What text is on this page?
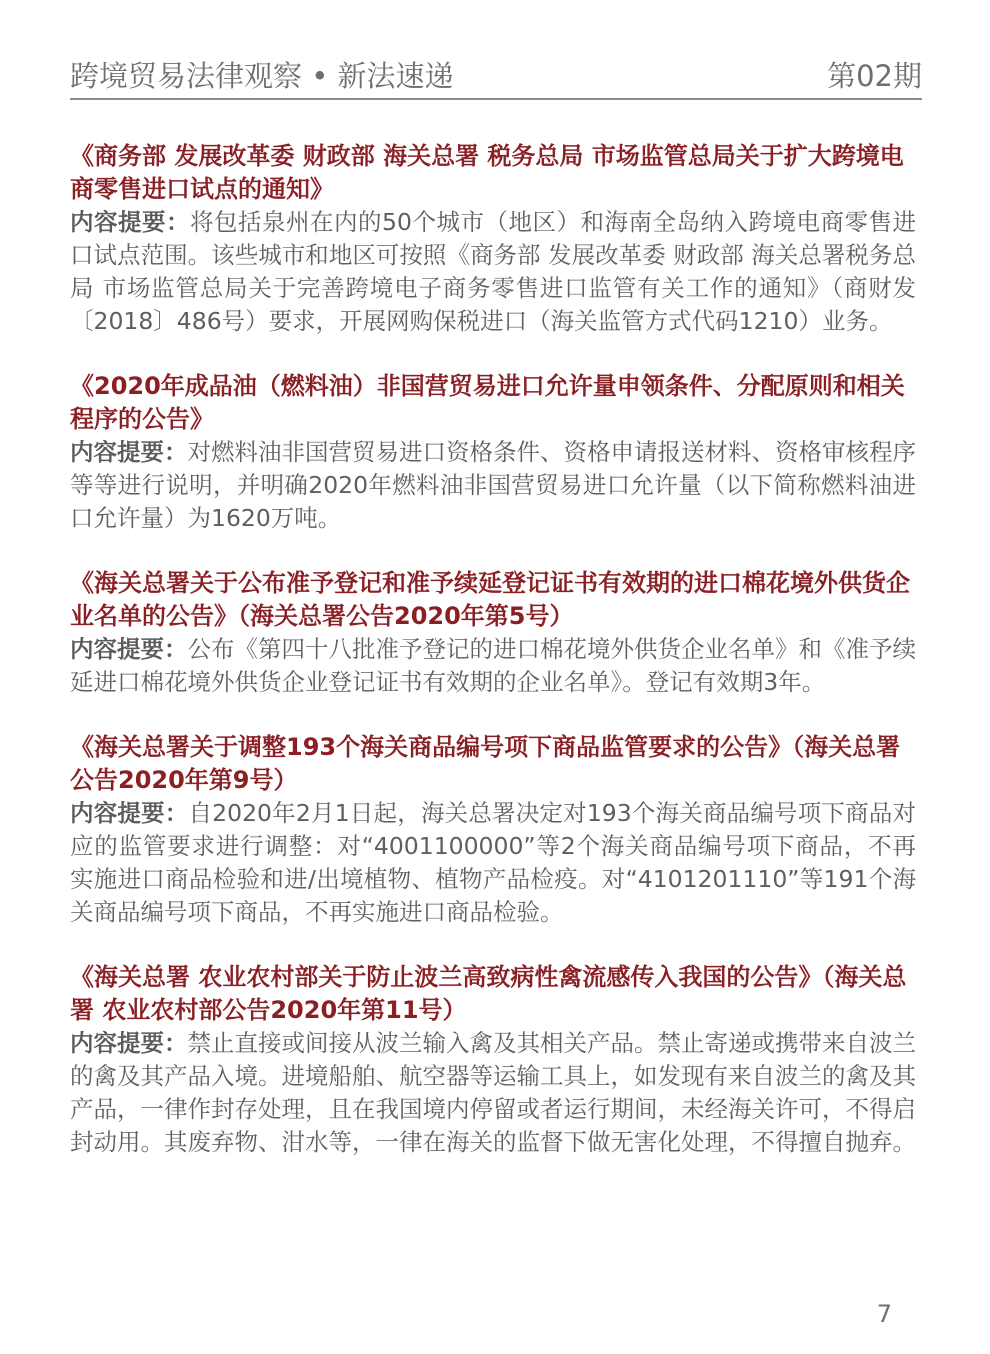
跨境贸易法律观察 • 新法速递	第02期

《商务部 发展改革委 财政部 海关总署 税务总局 市场监管总局关于扩大跨境电商零售进口试点的通知》

内容提要：将包括泉州在内的50个城市（地区）和海南全岛纳入跨境电商零售进口试点范围。该些城市和地区可按照《商务部 发展改革委 财政部 海关总署税务总局 市场监管总局关于完善跨境电子商务零售进口监管有关工作的通知》（商财发〔2018〕486号）要求，开展网购保税进口（海关监管方式代码1210）业务。

《2020年成品油（燃料油）非国营贸易进口允许量申领条件、分配原则和相关程序的公告》

内容提要：对燃料油非国营贸易进口资格条件、资格申请报送材料、资格审核程序等等进行说明，并明确2020年燃料油非国营贸易进口允许量（以下简称燃料油进口允许量）为1620万吨。

《海关总署关于公布准予登记和准予续延登记证书有效期的进口棉花境外供货企业名单的公告》（海关总署公告2020年第5号）

内容提要：公布《第四十八批准予登记的进口棉花境外供货企业名单》和《准予续延进口棉花境外供货企业登记证书有效期的企业名单》。登记有效期3年。

《海关总署关于调整193个海关商品编号项下商品监管要求的公告》（海关总署公告2020年第9号）

内容提要：自2020年2月1日起，海关总署决定对193个海关商品编号项下商品对应的监管要求进行调整：对“4001100000”等2个海关商品编号项下商品，不再实施进口商品检验和进/出境植物、植物产品检疫。对“4101201110”等191个海关商品编号项下商品，不再实施进口商品检验。

《海关总署 农业农村部关于防止波兰高致病性禽流感传入我国的公告》（海关总署 农业农村部公告2020年第11号）

内容提要：禁止直接或间接从波兰输入禽及其相关产品。禁止寄递或携带来自波兰的禽及其产品入境。进境船舶、航空器等运输工具上，如发现有来自波兰的禽及其产品，一律作封存处理，且在我国境内停留或者运行期间，未经海关许可，不得启封动用。其废弃物、泔水等，一律在海关的监督下做无害化处理，不得擅自抛弃。

7
